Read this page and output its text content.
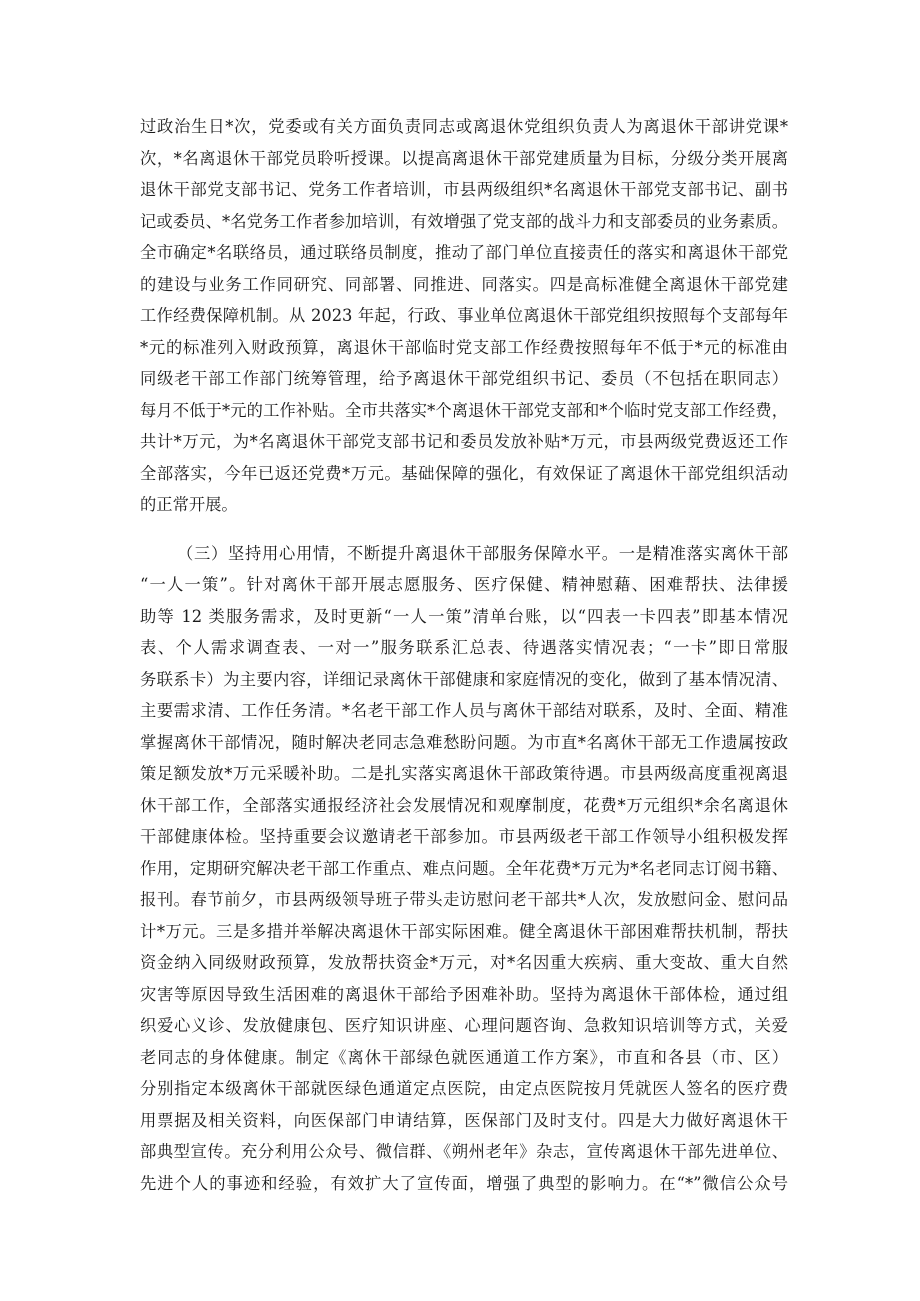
过政治生日*次，党委或有关方面负责同志或离退休党组织负责人为离退休干部讲党课*
次，*名离退休干部党员聆听授课。以提高离退休干部党建质量为目标，分级分类开展离
退休干部党支部书记、党务工作者培训，市县两级组织*名离退休干部党支部书记、副书
记或委员、*名党务工作者参加培训，有效增强了党支部的战斗力和支部委员的业务素质。
全市确定*名联络员，通过联络员制度，推动了部门单位直接责任的落实和离退休干部党
的建设与业务工作同研究、同部署、同推进、同落实。四是高标准健全离退休干部党建
工作经费保障机制。从 2023 年起，行政、事业单位离退休干部党组织按照每个支部每年
*元的标准列入财政预算，离退休干部临时党支部工作经费按照每年不低于*元的标准由
同级老干部工作部门统筹管理，给予离退休干部党组织书记、委员（不包括在职同志）
每月不低于*元的工作补贴。全市共落实*个离退休干部党支部和*个临时党支部工作经费，
共计*万元，为*名离退休干部党支部书记和委员发放补贴*万元，市县两级党费返还工作
全部落实，今年已返还党费*万元。基础保障的强化，有效保证了离退休干部党组织活动
的正常开展。
（三）坚持用心用情，不断提升离退休干部服务保障水平。一是精准落实离休干部
“一人一策”。针对离休干部开展志愿服务、医疗保健、精神慰藉、困难帮扶、法律援
助等 12 类服务需求，及时更新“一人一策”清单台账，以“四表一卡四表”即基本情况
表、个人需求调查表、一对一”服务联系汇总表、待遇落实情况表；“一卡”即日常服
务联系卡）为主要内容，详细记录离休干部健康和家庭情况的变化，做到了基本情况清、
主要需求清、工作任务清。*名老干部工作人员与离休干部结对联系，及时、全面、精准
掌握离休干部情况，随时解决老同志急难愁盼问题。为市直*名离休干部无工作遗属按政
策足额发放*万元采暖补助。二是扎实落实离退休干部政策待遇。市县两级高度重视离退
休干部工作，全部落实通报经济社会发展情况和观摩制度，花费*万元组织*余名离退休
干部健康体检。坚持重要会议邀请老干部参加。市县两级老干部工作领导小组积极发挥
作用，定期研究解决老干部工作重点、难点问题。全年花费*万元为*名老同志订阅书籍、
报刊。春节前夕，市县两级领导班子带头走访慰问老干部共*人次，发放慰问金、慰问品
计*万元。三是多措并举解决离退休干部实际困难。健全离退休干部困难帮扶机制，帮扶
资金纳入同级财政预算，发放帮扶资金*万元，对*名因重大疾病、重大变故、重大自然
灾害等原因导致生活困难的离退休干部给予困难补助。坚持为离退休干部体检，通过组
织爱心义诊、发放健康包、医疗知识讲座、心理问题咨询、急救知识培训等方式，关爱
老同志的身体健康。制定《离休干部绿色就医通道工作方案》，市直和各县（市、区）
分别指定本级离休干部就医绿色通道定点医院，由定点医院按月凭就医人签名的医疗费
用票据及相关资料，向医保部门申请结算，医保部门及时支付。四是大力做好离退休干
部典型宣传。充分利用公众号、微信群、《朔州老年》杂志，宣传离退休干部先进单位、
先进个人的事迹和经验，有效扩大了宣传面，增强了典型的影响力。在“*”微信公众号
